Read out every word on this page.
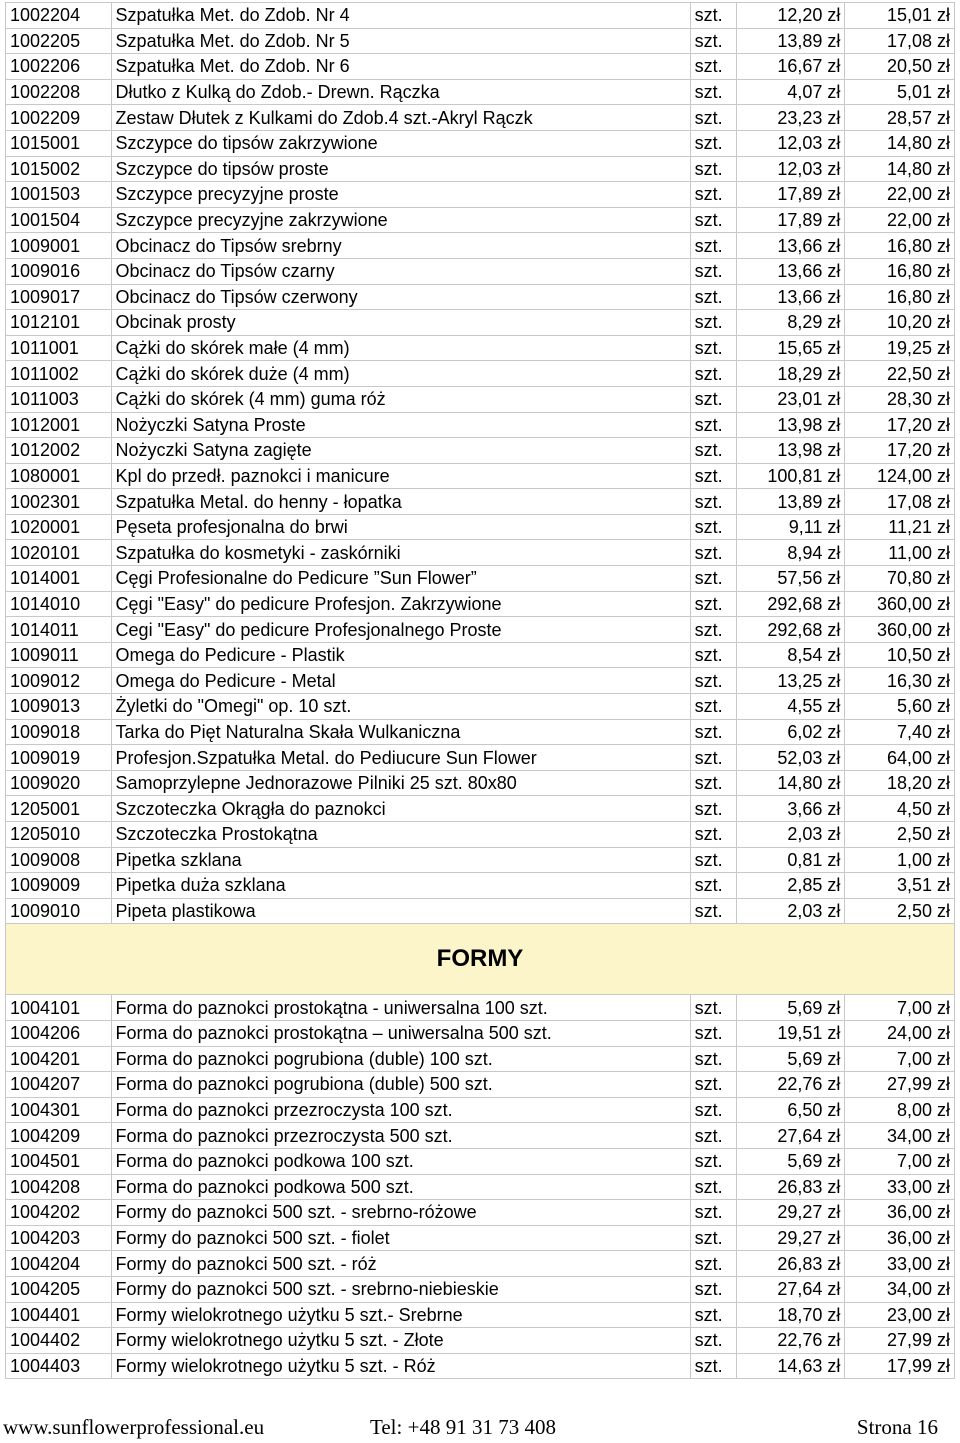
1002204	Szpatułka Met. do Zdob. Nr 4	szt.	12,20 zł	15,01 zł
1002205	Szpatułka Met. do Zdob. Nr 5	szt.	13,89 zł	17,08 zł
1002206	Szpatułka Met. do Zdob. Nr 6	szt.	16,67 zł	20,50 zł
1002208	Dłutko z Kulką do Zdob.- Drewn. Rączka	szt.	4,07 zł	5,01 zł
1002209	Zestaw Dłutek z Kulkami do Zdob.4 szt.-Akryl Rączk	szt.	23,23 zł	28,57 zł
1015001	Szczypce do tipsów zakrzywione	szt.	12,03 zł	14,80 zł
1015002	Szczypce do tipsów proste	szt.	12,03 zł	14,80 zł
1001503	Szczypce precyzyjne proste	szt.	17,89 zł	22,00 zł
1001504	Szczypce precyzyjne zakrzywione	szt.	17,89 zł	22,00 zł
1009001	Obcinacz do Tipsów srebrny	szt.	13,66 zł	16,80 zł
1009016	Obcinacz do Tipsów czarny	szt.	13,66 zł	16,80 zł
1009017	Obcinacz do Tipsów czerwony	szt.	13,66 zł	16,80 zł
1012101	Obcinak prosty	szt.	8,29 zł	10,20 zł
1011001	Cążki do skórek małe (4 mm)	szt.	15,65 zł	19,25 zł
1011002	Cążki do skórek duże (4 mm)	szt.	18,29 zł	22,50 zł
1011003	Cążki do skórek (4 mm) guma róż	szt.	23,01 zł	28,30 zł
1012001	Nożyczki Satyna Proste	szt.	13,98 zł	17,20 zł
1012002	Nożyczki Satyna zagięte	szt.	13,98 zł	17,20 zł
1080001	Kpl do przedł. paznokci i manicure	szt.	100,81 zł	124,00 zł
1002301	Szpatułka Metal. do henny - łopatka	szt.	13,89 zł	17,08 zł
1020001	Pęseta profesjonalna do brwi	szt.	9,11 zł	11,21 zł
1020101	Szpatułka do kosmetyki - zaskórniki	szt.	8,94 zł	11,00 zł
1014001	Cęgi Profesionalne do Pedicure ”Sun Flower”	szt.	57,56 zł	70,80 zł
1014010	Cęgi "Easy" do pedicure Profesjon. Zakrzywione	szt.	292,68 zł	360,00 zł
1014011	Cegi "Easy" do pedicure Profesjonalnego Proste	szt.	292,68 zł	360,00 zł
1009011	Omega do Pedicure - Plastik	szt.	8,54 zł	10,50 zł
1009012	Omega do Pedicure - Metal	szt.	13,25 zł	16,30 zł
1009013	Żyletki do "Omegi" op. 10 szt.	szt.	4,55 zł	5,60 zł
1009018	Tarka do Pięt Naturalna Skała Wulkaniczna	szt.	6,02 zł	7,40 zł
1009019	Profesjon.Szpatułka Metal. do Pediucure Sun Flower	szt.	52,03 zł	64,00 zł
1009020	Samoprzylepne Jednorazowe Pilniki 25 szt. 80x80	szt.	14,80 zł	18,20 zł
1205001	Szczoteczka Okrągła do paznokci	szt.	3,66 zł	4,50 zł
1205010	Szczoteczka Prostokątna	szt.	2,03 zł	2,50 zł
1009008	Pipetka szklana	szt.	0,81 zł	1,00 zł
1009009	Pipetka duża szklana	szt.	2,85 zł	3,51 zł
1009010	Pipeta plastikowa	szt.	2,03 zł	2,50 zł
FORMY				
1004101	Forma do paznokci prostokątna - uniwersalna 100 szt.	szt.	5,69 zł	7,00 zł
1004206	Forma do paznokci prostokątna – uniwersalna 500 szt.	szt.	19,51 zł	24,00 zł
1004201	Forma do paznokci pogrubiona (duble) 100 szt.	szt.	5,69 zł	7,00 zł
1004207	Forma do paznokci pogrubiona (duble) 500 szt.	szt.	22,76 zł	27,99 zł
1004301	Forma do paznokci przezroczysta 100 szt.	szt.	6,50 zł	8,00 zł
1004209	Forma do paznokci przezroczysta 500 szt.	szt.	27,64 zł	34,00 zł
1004501	Forma do paznokci podkowa 100 szt.	szt.	5,69 zł	7,00 zł
1004208	Forma do paznokci podkowa 500 szt.	szt.	26,83 zł	33,00 zł
1004202	Formy do paznokci 500 szt. - srebrno-różowe	szt.	29,27 zł	36,00 zł
1004203	Formy do paznokci 500 szt. - fiolet	szt.	29,27 zł	36,00 zł
1004204	Formy do paznokci 500 szt. - róż	szt.	26,83 zł	33,00 zł
1004205	Formy do paznokci 500 szt. - srebrno-niebieskie	szt.	27,64 zł	34,00 zł
1004401	Formy wielokrotnego użytku 5 szt.- Srebrne	szt.	18,70 zł	23,00 zł
1004402	Formy wielokrotnego użytku 5 szt. - Złote	szt.	22,76 zł	27,99 zł
1004403	Formy wielokrotnego użytku 5 szt. - Róż	szt.	14,63 zł	17,99 zł
www.sunflowerprofessional.eu	Tel: +48 91 31 73 408	Strona 16
